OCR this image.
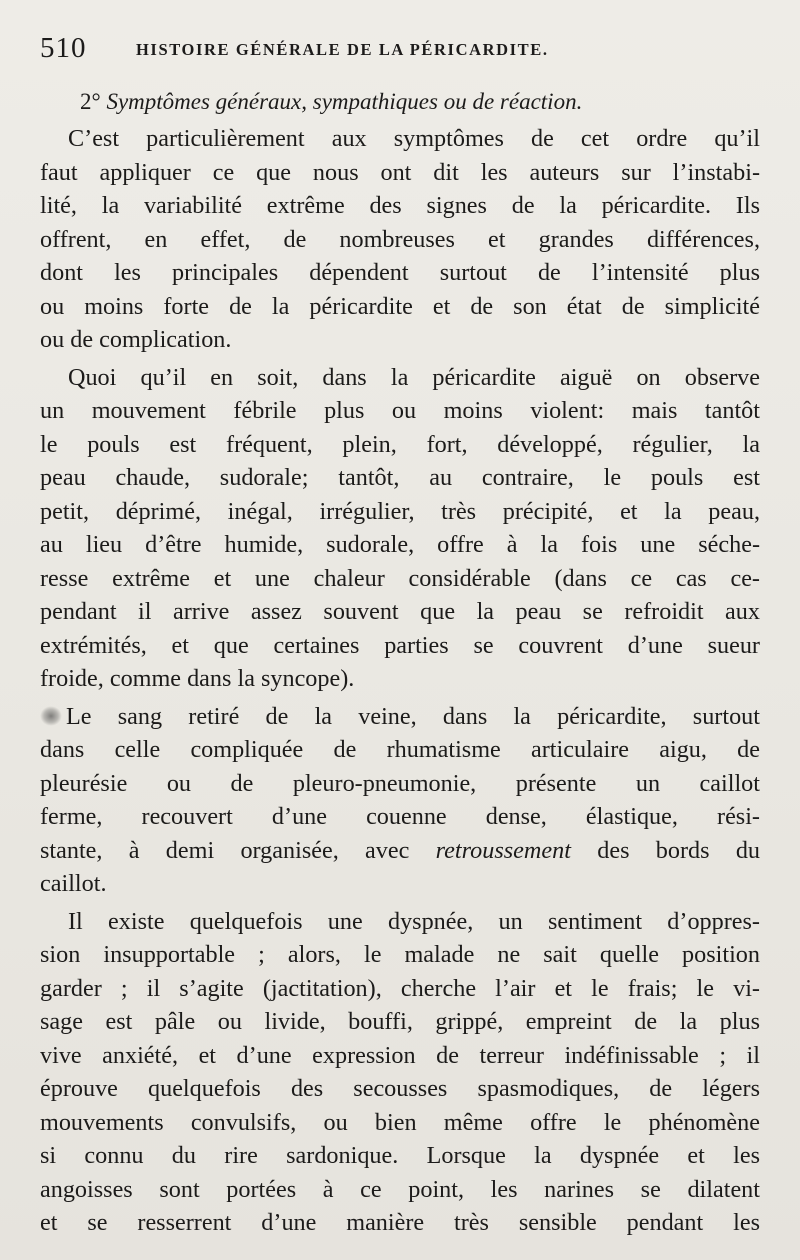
510	HISTOIRE GÉNÉRALE DE LA PÉRICARDITE.
2° Symptômes généraux, sympathiques ou de réaction.

C’est particulièrement aux symptômes de cet ordre qu’il
faut appliquer ce que nous ont dit les auteurs sur l’instabi-
lité, la variabilité extrême des signes de la péricardite. Ils
offrent, en effet, de nombreuses et grandes différences,
dont les principales dépendent surtout de l’intensité plus
ou moins forte de la péricardite et de son état de simplicité
ou de complication.

Quoi qu’il en soit, dans la péricardite aiguë on observe
un mouvement fébrile plus ou moins violent: mais tantôt
le pouls est fréquent, plein, fort, développé, régulier, la
peau chaude, sudorale; tantôt, au contraire, le pouls est
petit, déprimé, inégal, irrégulier, très précipité, et la peau,
au lieu d’être humide, sudorale, offre à la fois une séche-
resse extrême et une chaleur considérable (dans ce cas ce-
pendant il arrive assez souvent que la peau se refroidit aux
extrémités, et que certaines parties se couvrent d’une sueur
froide, comme dans la syncope).

Le sang retiré de la veine, dans la péricardite, surtout
dans celle compliquée de rhumatisme articulaire aigu, de
pleurésie ou de pleuro-pneumonie, présente un caillot
ferme, recouvert d’une couenne dense, élastique, rési-
stante, à demi organisée, avec retroussement des bords du
caillot.

Il existe quelquefois une dyspnée, un sentiment d’oppres-
sion insupportable ; alors, le malade ne sait quelle position
garder ; il s’agite (jactitation), cherche l’air et le frais; le vi-
sage est pâle ou livide, bouffi, grippé, empreint de la plus
vive anxiété, et d’une expression de terreur indéfinissable ; il
éprouve quelquefois des secousses spasmodiques, de légers
mouvements convulsifs, ou bien même offre le phénomène
si connu du rire sardonique. Lorsque la dyspnée et les
angoisses sont portées à ce point, les narines se dilatent
et se resserrent d’une manière très sensible pendant les
